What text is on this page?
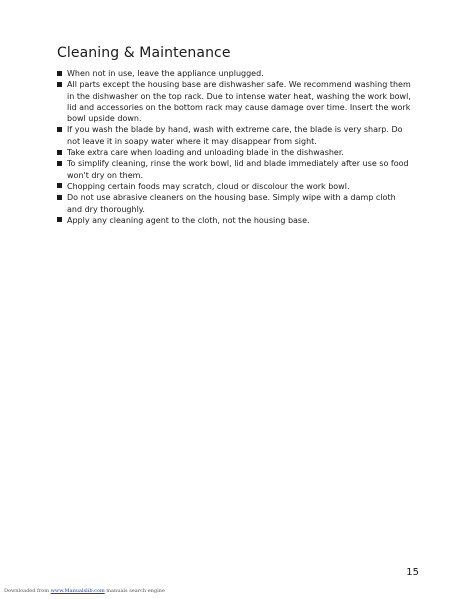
Cleaning & Maintenance
When not in use, leave the appliance unplugged.
All parts except the housing base are dishwasher safe. We recommend washing them in the dishwasher on the top rack. Due to intense water heat, washing the work bowl, lid and accessories on the bottom rack may cause damage over time. Insert the work bowl upside down.
If you wash the blade by hand, wash with extreme care, the blade is very sharp. Do not leave it in soapy water where it may disappear from sight.
Take extra care when loading and unloading blade in the dishwasher.
To simplify cleaning, rinse the work bowl, lid and blade immediately after use so food won't dry on them.
Chopping certain foods may scratch, cloud or discolour the work bowl.
Do not use abrasive cleaners on the housing base. Simply wipe with a damp cloth and dry thoroughly.
Apply any cleaning agent to the cloth, not the housing base.
15
Downloaded from www.Manualslib.com manuals search engine
